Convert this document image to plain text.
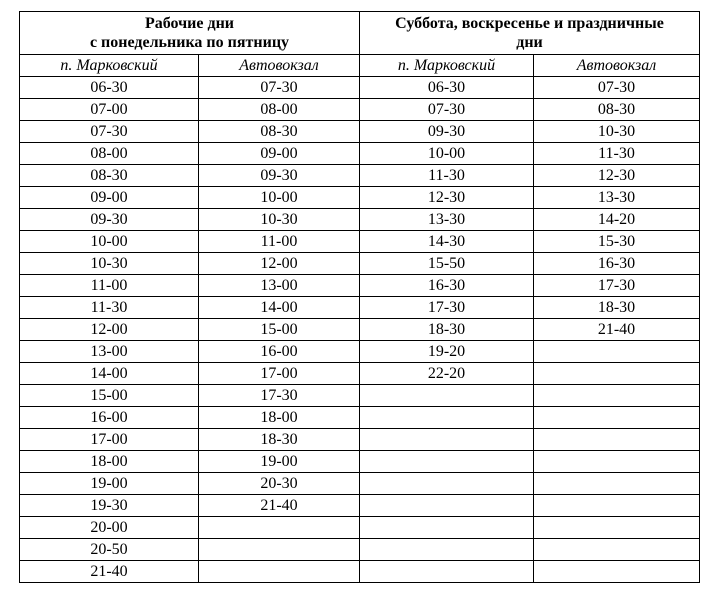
Рабочие дни
с понедельника по пятницу		Суббота, воскресенье и праздничные
дни	

п. Марковский	Автовокзал	п. Марковский	Автовокзал
06-30	07-30	06-30	07-30
07-00	08-00	07-30	08-30
07-30	08-30	09-30	10-30
08-00	09-00	10-00	11-30
08-30	09-30	11-30	12-30
09-00	10-00	12-30	13-30
09-30	10-30	13-30	14-20
10-00	11-00	14-30	15-30
10-30	12-00	15-50	16-30
11-00	13-00	16-30	17-30
11-30	14-00	17-30	18-30
12-00	15-00	18-30	21-40
13-00	16-00	19-20	
14-00	17-00	22-20	
15-00	17-30		
16-00	18-00		
17-00	18-30		
18-00	19-00		
19-00	20-30		
19-30	21-40		
20-00			
20-50			
21-40			
